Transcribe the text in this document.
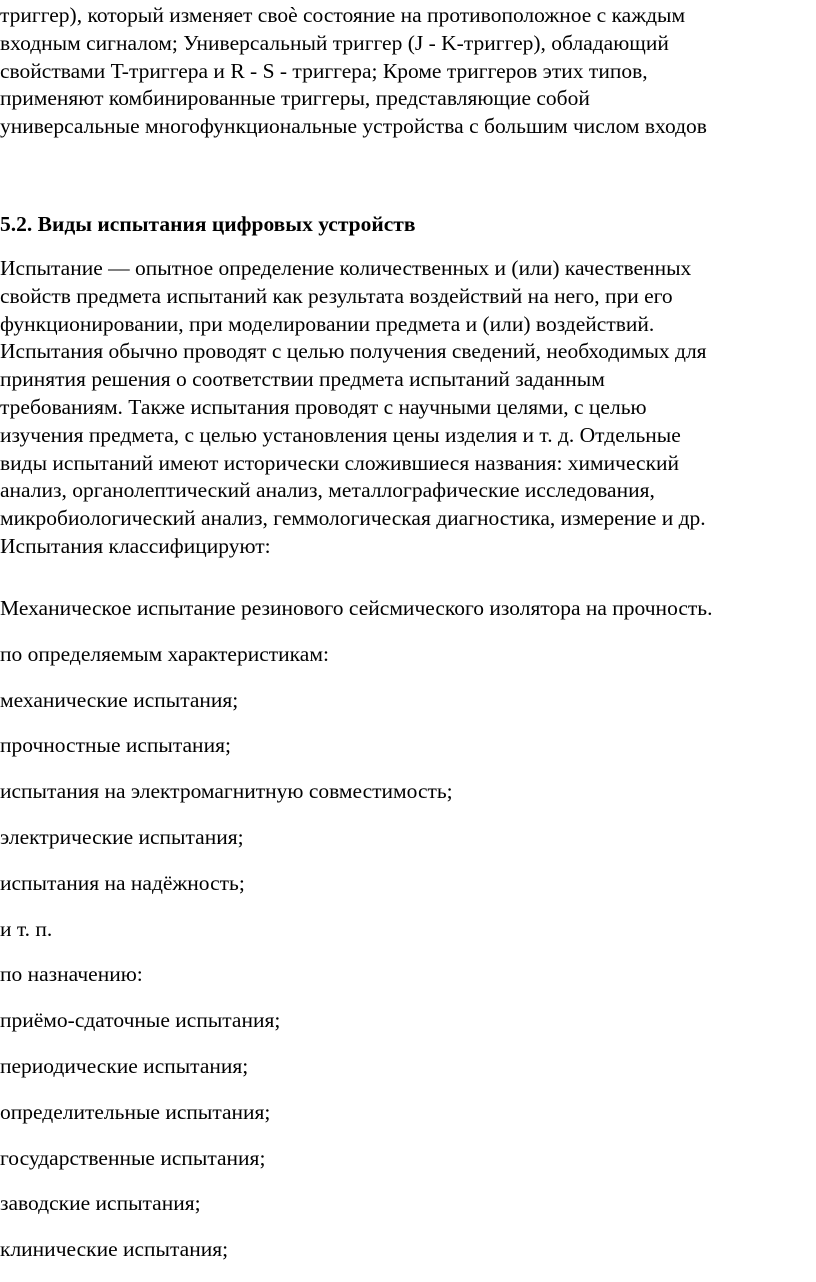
триггер), который изменяет своѐ состояние на противоположное с каждым
входным сигналом; Универсальный триггер (J - K-триггер), обладающий
свойствами T-триггера и R - S - триггера; Кроме триггеров этих типов,
применяют комбинированные триггеры, представляющие собой
универсальные многофункциональные устройства с большим числом входов
5.2. Виды испытания цифровых устройств
Испытание — опытное определение количественных и (или) качественных
свойств предмета испытаний как результата воздействий на него, при его
функционировании, при моделировании предмета и (или) воздействий.
Испытания обычно проводят с целью получения сведений, необходимых для
принятия решения о соответствии предмета испытаний заданным
требованиям. Также испытания проводят с научными целями, с целью
изучения предмета, с целью установления цены изделия и т. д. Отдельные
виды испытаний имеют исторически сложившиеся названия: химический
анализ, органолептический анализ, металлографические исследования,
микробиологический анализ, геммологическая диагностика, измерение и др.
Испытания классифицируют:
Механическое испытание резинового сейсмического изолятора на прочность.
по определяемым характеристикам:
механические испытания;
прочностные испытания;
испытания на электромагнитную совместимость;
электрические испытания;
испытания на надёжность;
и т. п.
по назначению:
приёмо-сдаточные испытания;
периодические испытания;
определительные испытания;
государственные испытания;
заводские испытания;
клинические испытания;
